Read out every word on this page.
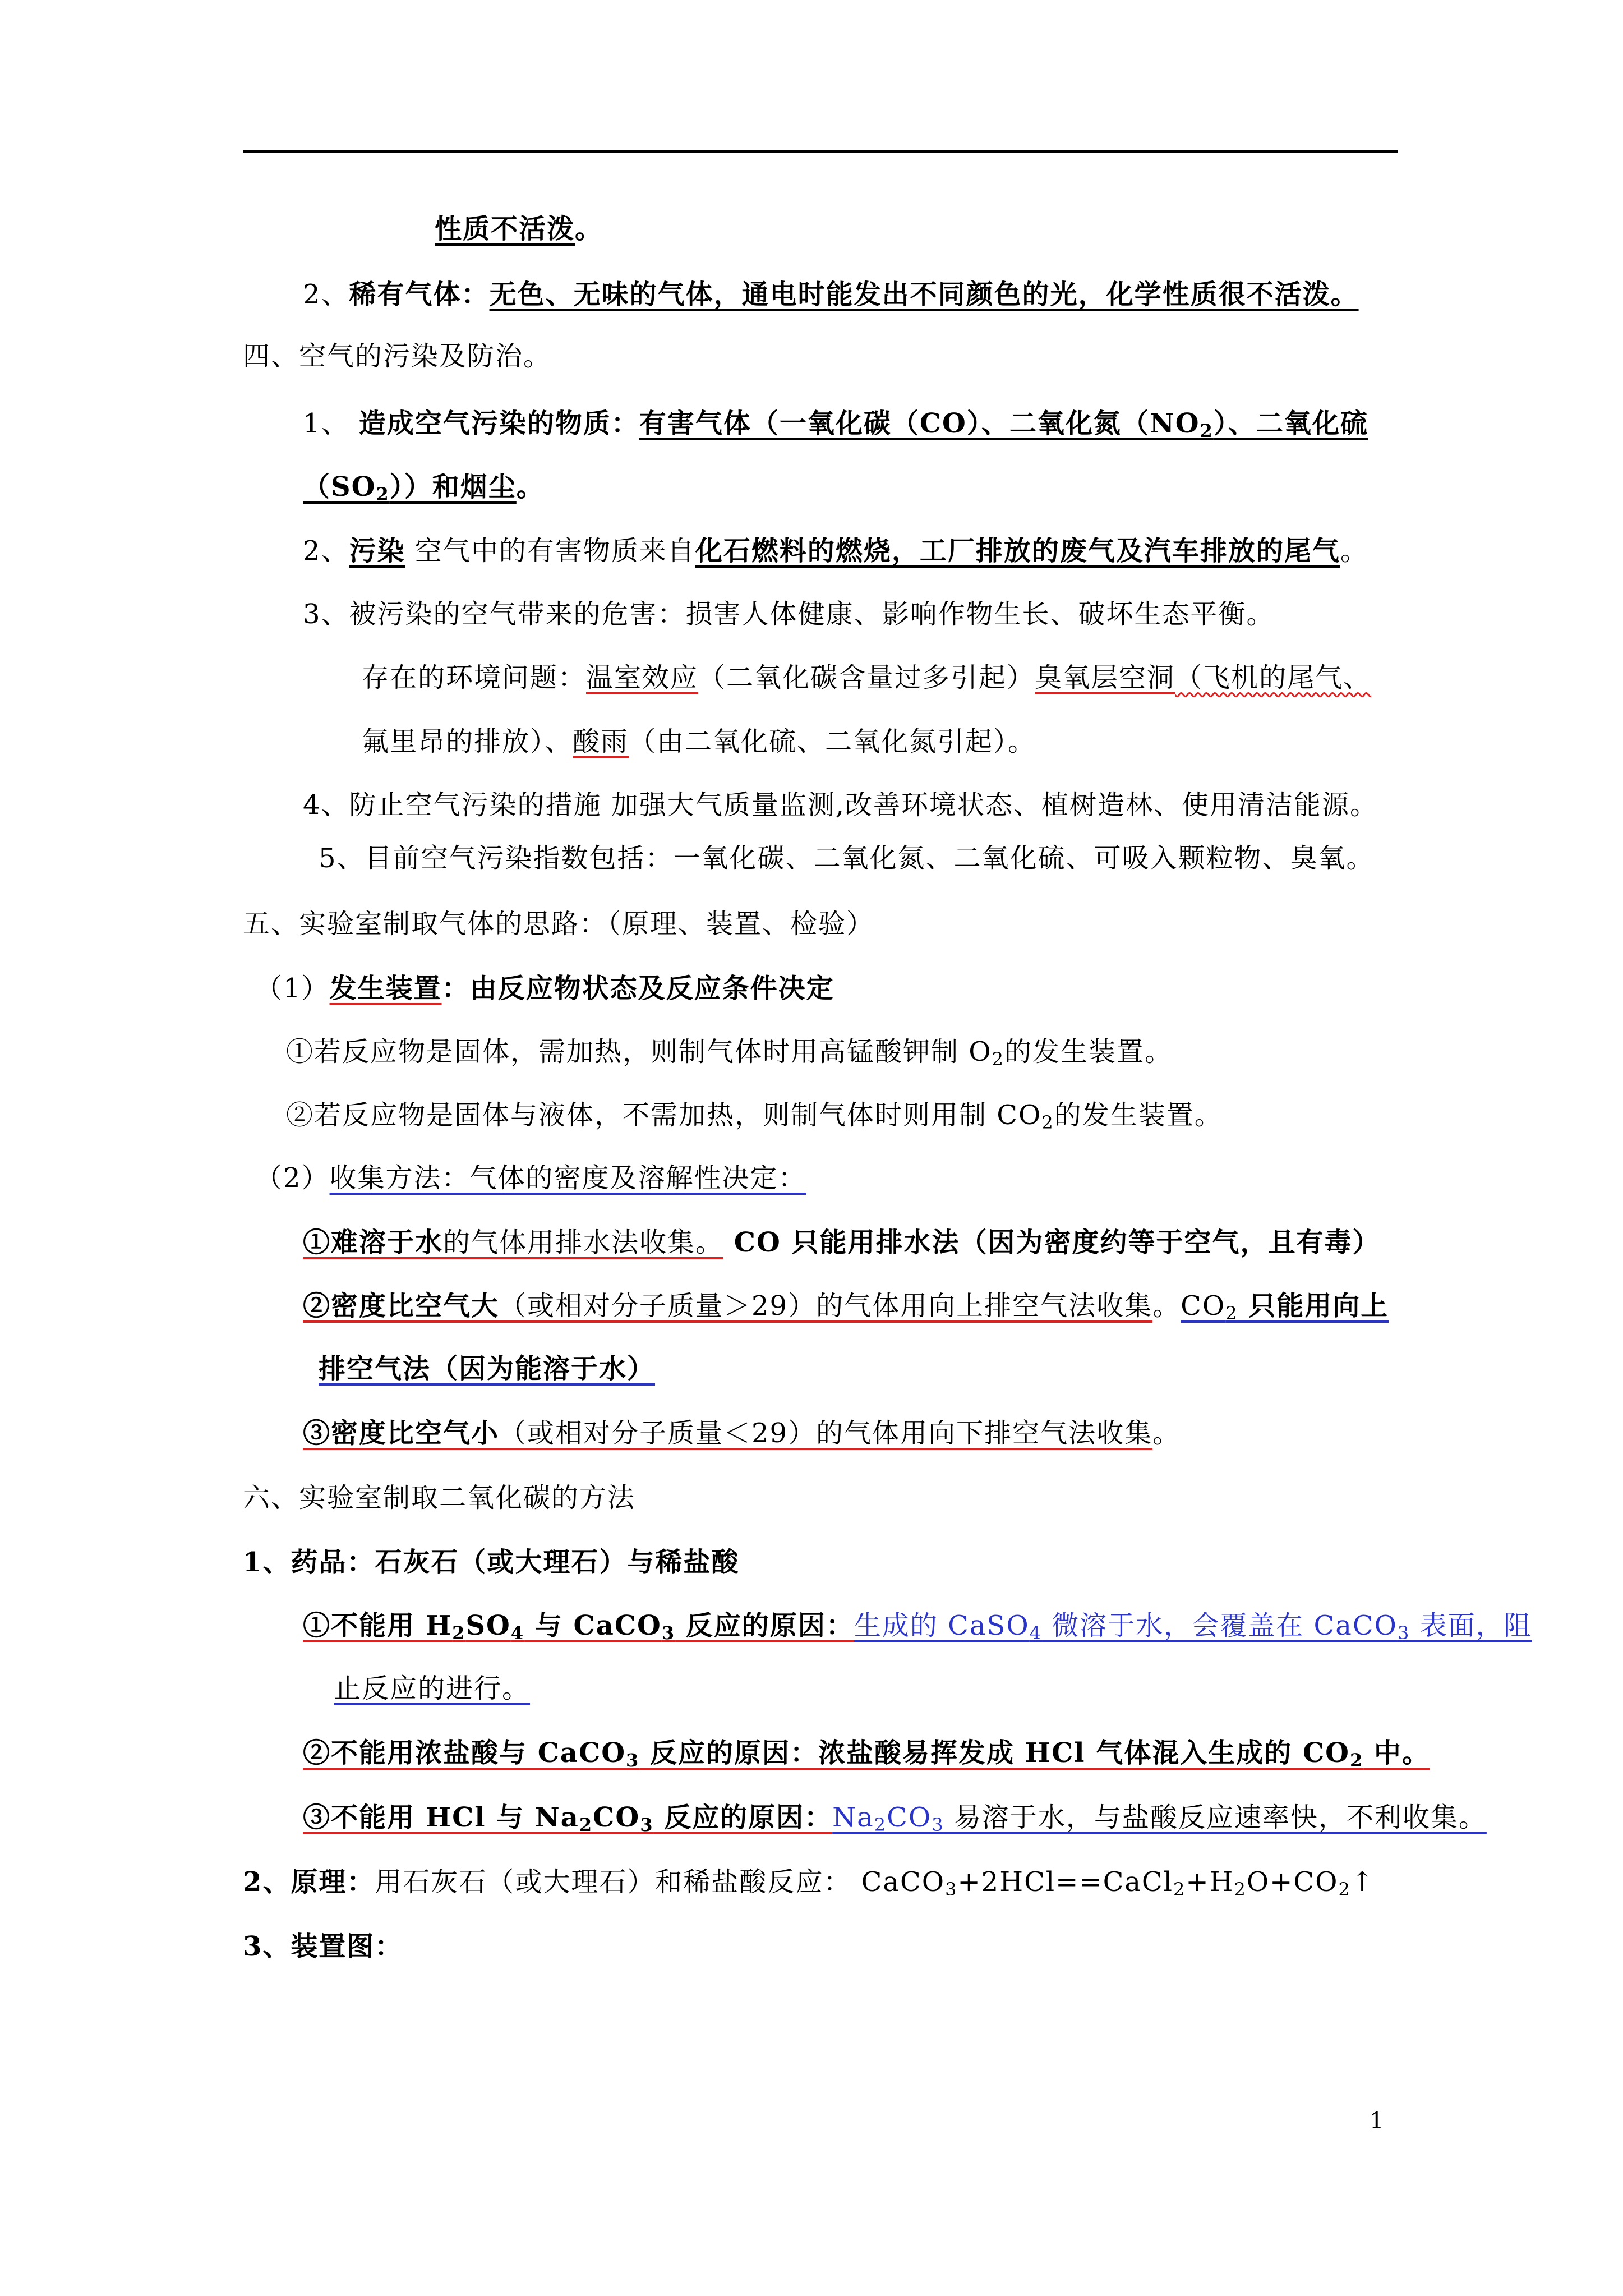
性质不活泼。
2、稀有气体：无色、无味的气体，通电时能发出不同颜色的光，化学性质很不活泼。
四、空气的污染及防治。
1、 造成空气污染的物质：有害气体（一氧化碳（CO）、二氧化氮$(NO_2)$、二氧化硫
$(SO_2)$）和烟尘。
2、污染 空气中的有害物质来自化石燃料的燃烧，工厂排放的废气及汽车排放的尾气。
3、被污染的空气带来的危害：损害人体健康、影响作物生长、破坏生态平衡。
存在的环境问题：温室效应（二氧化碳含量过多引起）臭氧层空洞（飞机的尾气、
氟里昂的排放）、酸雨（由二氧化硫、二氧化氮引起）。
4、防止空气污染的措施 加强大气质量监测,改善环境状态、植树造林、使用清洁能源。
5、目前空气污染指数包括：一氧化碳、二氧化氮、二氧化硫、可吸入颗粒物、臭氧。
五、实验室制取气体的思路：（原理、装置、检验）
（1）发生装置：由反应物状态及反应条件决定
①若反应物是固体，需加热，则制气体时用高锰酸钾制 $O_2$的发生装置。
②若反应物是固体与液体，不需加热，则制气体时则用制 $CO_2$的发生装置。
（2）收集方法：气体的密度及溶解性决定：
①难溶于水的气体用排水法收集。 CO 只能用排水法（因为密度约等于空气，且有毒）
②密度比空气大（或相对分子质量＞29）的气体用向上排空气法收集。$CO_2$ 只能用向上
排空气法（因为能溶于水）
③密度比空气小（或相对分子质量＜29）的气体用向下排空气法收集。
六、实验室制取二氧化碳的方法
1、药品：石灰石（或大理石）与稀盐酸
①不能用 $H_2SO_4$ 与 CaCO$_3$ 反应的原因：生成的 CaSO$_4$ 微溶于水，会覆盖在 CaCO$_3$ 表面，阻
止反应的进行。
②不能用浓盐酸与 CaCO$_3$ 反应的原因：浓盐酸易挥发成 HCl 气体混入生成的 $CO_2$ 中。
③不能用 HCl 与 $Na_2CO_3$ 反应的原因：$Na_2CO_3$ 易溶于水，与盐酸反应速率快，不利收集。
2、原理：用石灰石（或大理石）和稀盐酸反应： $CaCO_3+2HCl==CaCl_2+H_2O+CO_2↑$
3、装置图：
1
